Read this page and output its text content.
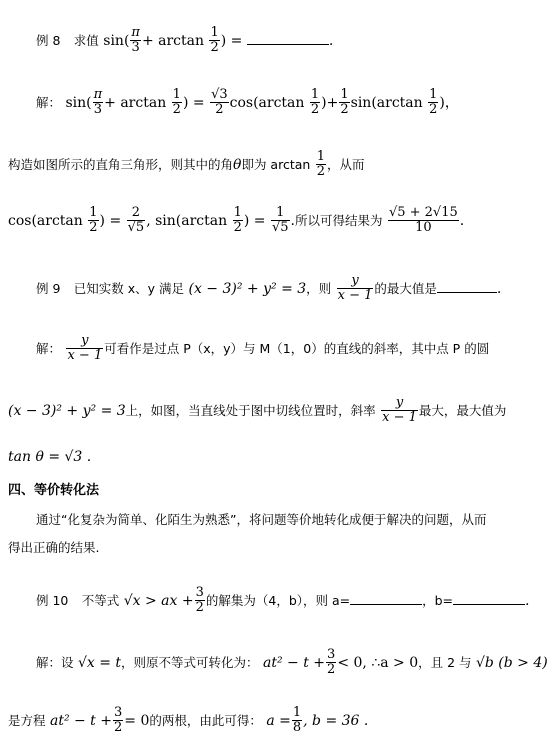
例 8 求值 $\sin( \frac{\pi}{3} + \arctan \frac{1}{2}$ ) =	.
解： $\sin( \frac{\pi}{3} + \arctan \frac{1}{2}$ ) = $\frac{√3}{2} \cos(\arctan \frac{1}{2}$ )+ $\frac{1}{2} \sin(\arctan \frac{1}{2}$ )，
构造如图所示的直角三角形，则其中的角θ即为 $\arctan \frac{1}{2}$ ，从而
$\cos(\arctan \frac{1}{2}$ ) = $\frac{2}{√5}$ , $\sin(\arctan \frac{1}{2}$ ) = $\frac{1}{√5}$ .所以可得结果为 $\frac{√5 + 2√15}{10}$ .
例 9 已知实数 x、y 满足 (x − 3)² + y² = 3，则 $\frac{y}{x - 1}$ 的最大值是	.
解： $\frac{y}{x - 1}$ 可看作是过点 P（x，y）与 M（1，0）的直线的斜率，其中点 P 的圆
(x − 3)² + y² = 3上，如图，当直线处于图中切线位置时，斜率 $\frac{y}{x - 1}$ 最大，最大值为
tan θ = √3 .
四、等价转化法
通过“化复杂为简单、化陌生为熟悉”，将问题等价地转化成便于解决的问题，从而
得出正确的结果.
例 10 不等式 √x > ax + $\frac{3}{2}$ 的解集为（4，b），则 a=	，b=	.
解：设 √x = t，则原不等式可转化为： $at^2 - t + \frac{3}{2} < 0$, ∴a > 0，且 2 与 √b (b > 4)
是方程 $at^2 - t + \frac{3}{2} = 0$的两根，由此可得： $a = \frac{1}{8}$ , b = 36 .
